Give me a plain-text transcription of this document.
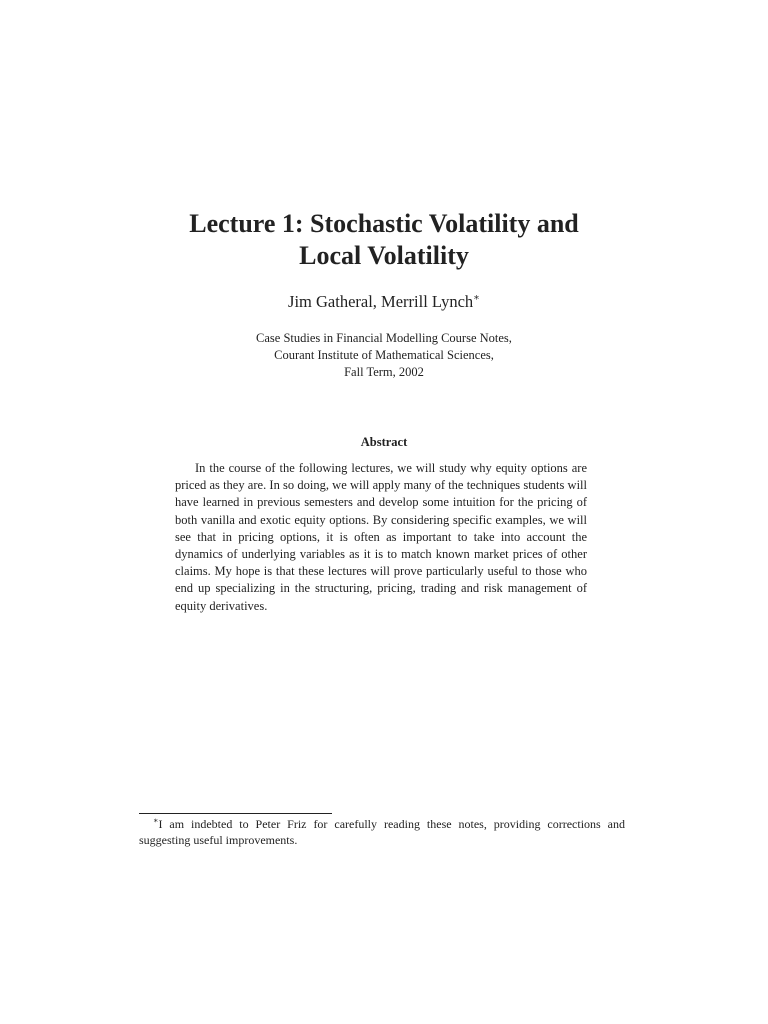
Lecture 1: Stochastic Volatility and
Local Volatility
Jim Gatheral, Merrill Lynch∗
Case Studies in Financial Modelling Course Notes,
Courant Institute of Mathematical Sciences,
Fall Term, 2002
Abstract

In the course of the following lectures, we will study why equity options are priced as they are. In so doing, we will apply many of the techniques students will have learned in previous semesters and develop some intuition for the pricing of both vanilla and exotic equity options. By considering specific examples, we will see that in pricing options, it is often as important to take into account the dynamics of underlying variables as it is to match known market prices of other claims. My hope is that these lectures will prove particularly useful to those who end up specializing in the structuring, pricing, trading and risk management of equity derivatives.

∗I am indebted to Peter Friz for carefully reading these notes, providing corrections and suggesting useful improvements.
